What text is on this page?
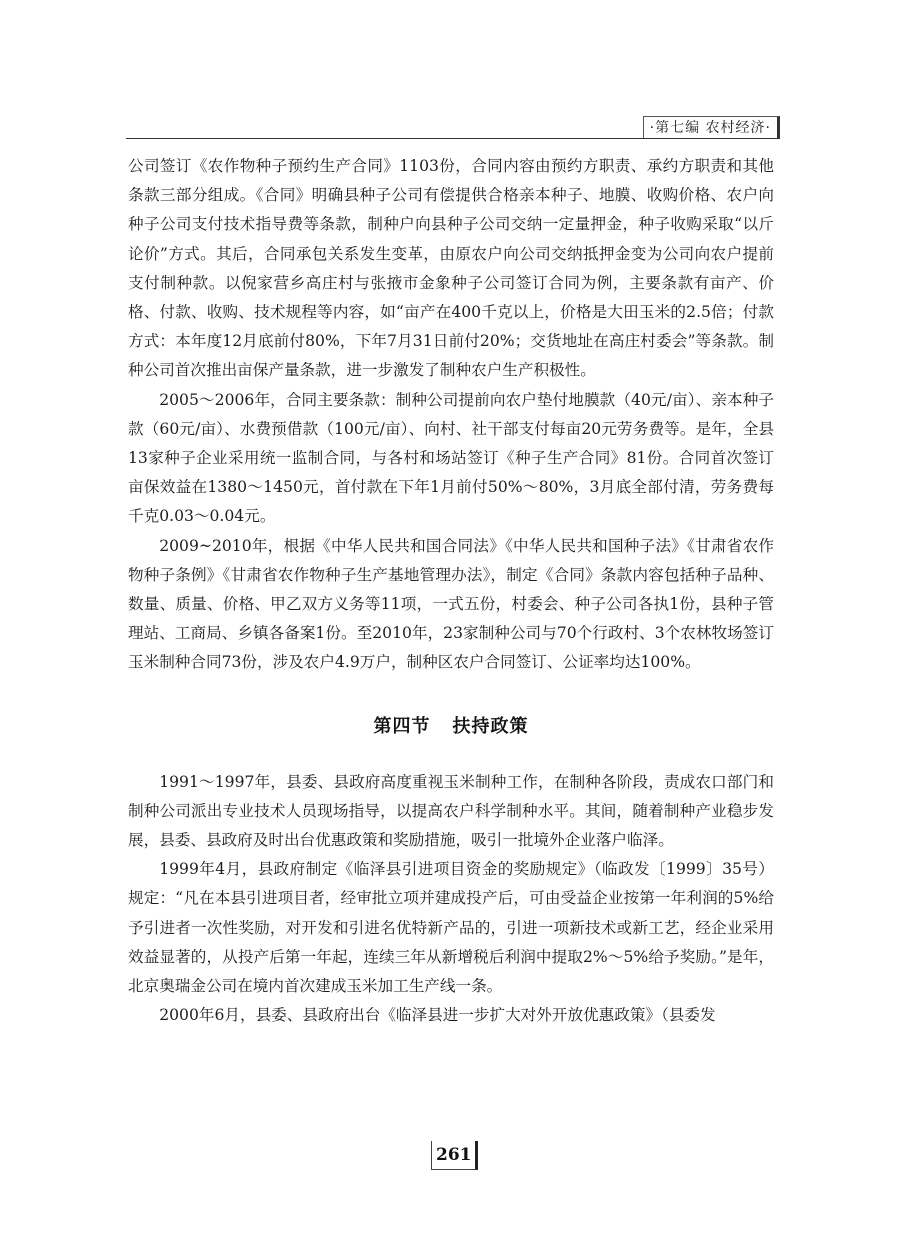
·第七编 农村经济·

公司签订《农作物种子预约生产合同》1103份，合同内容由预约方职责、承约方职责和其他条款三部分组成。《合同》明确县种子公司有偿提供合格亲本种子、地膜、收购价格、农户向种子公司支付技术指导费等条款，制种户向县种子公司交纳一定量押金，种子收购采取“以斤论价”方式。其后，合同承包关系发生变革，由原农户向公司交纳抵押金变为公司向农户提前支付制种款。以倪家营乡高庄村与张掖市金象种子公司签订合同为例，主要条款有亩产、价格、付款、收购、技术规程等内容，如“亩产在400千克以上，价格是大田玉米的2.5倍；付款方式：本年度12月底前付80%，下年7月31日前付20%；交货地址在高庄村委会”等条款。制种公司首次推出亩保产量条款，进一步激发了制种农户生产积极性。

2005～2006年，合同主要条款：制种公司提前向农户垫付地膜款（40元/亩）、亲本种子款（60元/亩）、水费预借款（100元/亩）、向村、社干部支付每亩20元劳务费等。是年，全县13家种子企业采用统一监制合同，与各村和场站签订《种子生产合同》81份。合同首次签订亩保效益在1380～1450元，首付款在下年1月前付50%～80%，3月底全部付清，劳务费每千克0.03～0.04元。

2009~2010年，根据《中华人民共和国合同法》《中华人民共和国种子法》《甘肃省农作物种子条例》《甘肃省农作物种子生产基地管理办法》，制定《合同》条款内容包括种子品种、数量、质量、价格、甲乙双方义务等11项，一式五份，村委会、种子公司各执1份，县种子管理站、工商局、乡镇各备案1份。至2010年，23家制种公司与70个行政村、3个农林牧场签订玉米制种合同73份，涉及农户4.9万户，制种区农户合同签订、公证率均达100%。

第四节 扶持政策

1991～1997年，县委、县政府高度重视玉米制种工作，在制种各阶段，责成农口部门和制种公司派出专业技术人员现场指导，以提高农户科学制种水平。其间，随着制种产业稳步发展，县委、县政府及时出台优惠政策和奖励措施，吸引一批境外企业落户临泽。

1999年4月，县政府制定《临泽县引进项目资金的奖励规定》（临政发〔1999〕35号）规定：“凡在本县引进项目者，经审批立项并建成投产后，可由受益企业按第一年利润的5%给予引进者一次性奖励，对开发和引进名优特新产品的，引进一项新技术或新工艺，经企业采用效益显著的，从投产后第一年起，连续三年从新增税后利润中提取2%～5%给予奖励。”是年，北京奥瑞金公司在境内首次建成玉米加工生产线一条。

2000年6月，县委、县政府出台《临泽县进一步扩大对外开放优惠政策》（县委发

261
